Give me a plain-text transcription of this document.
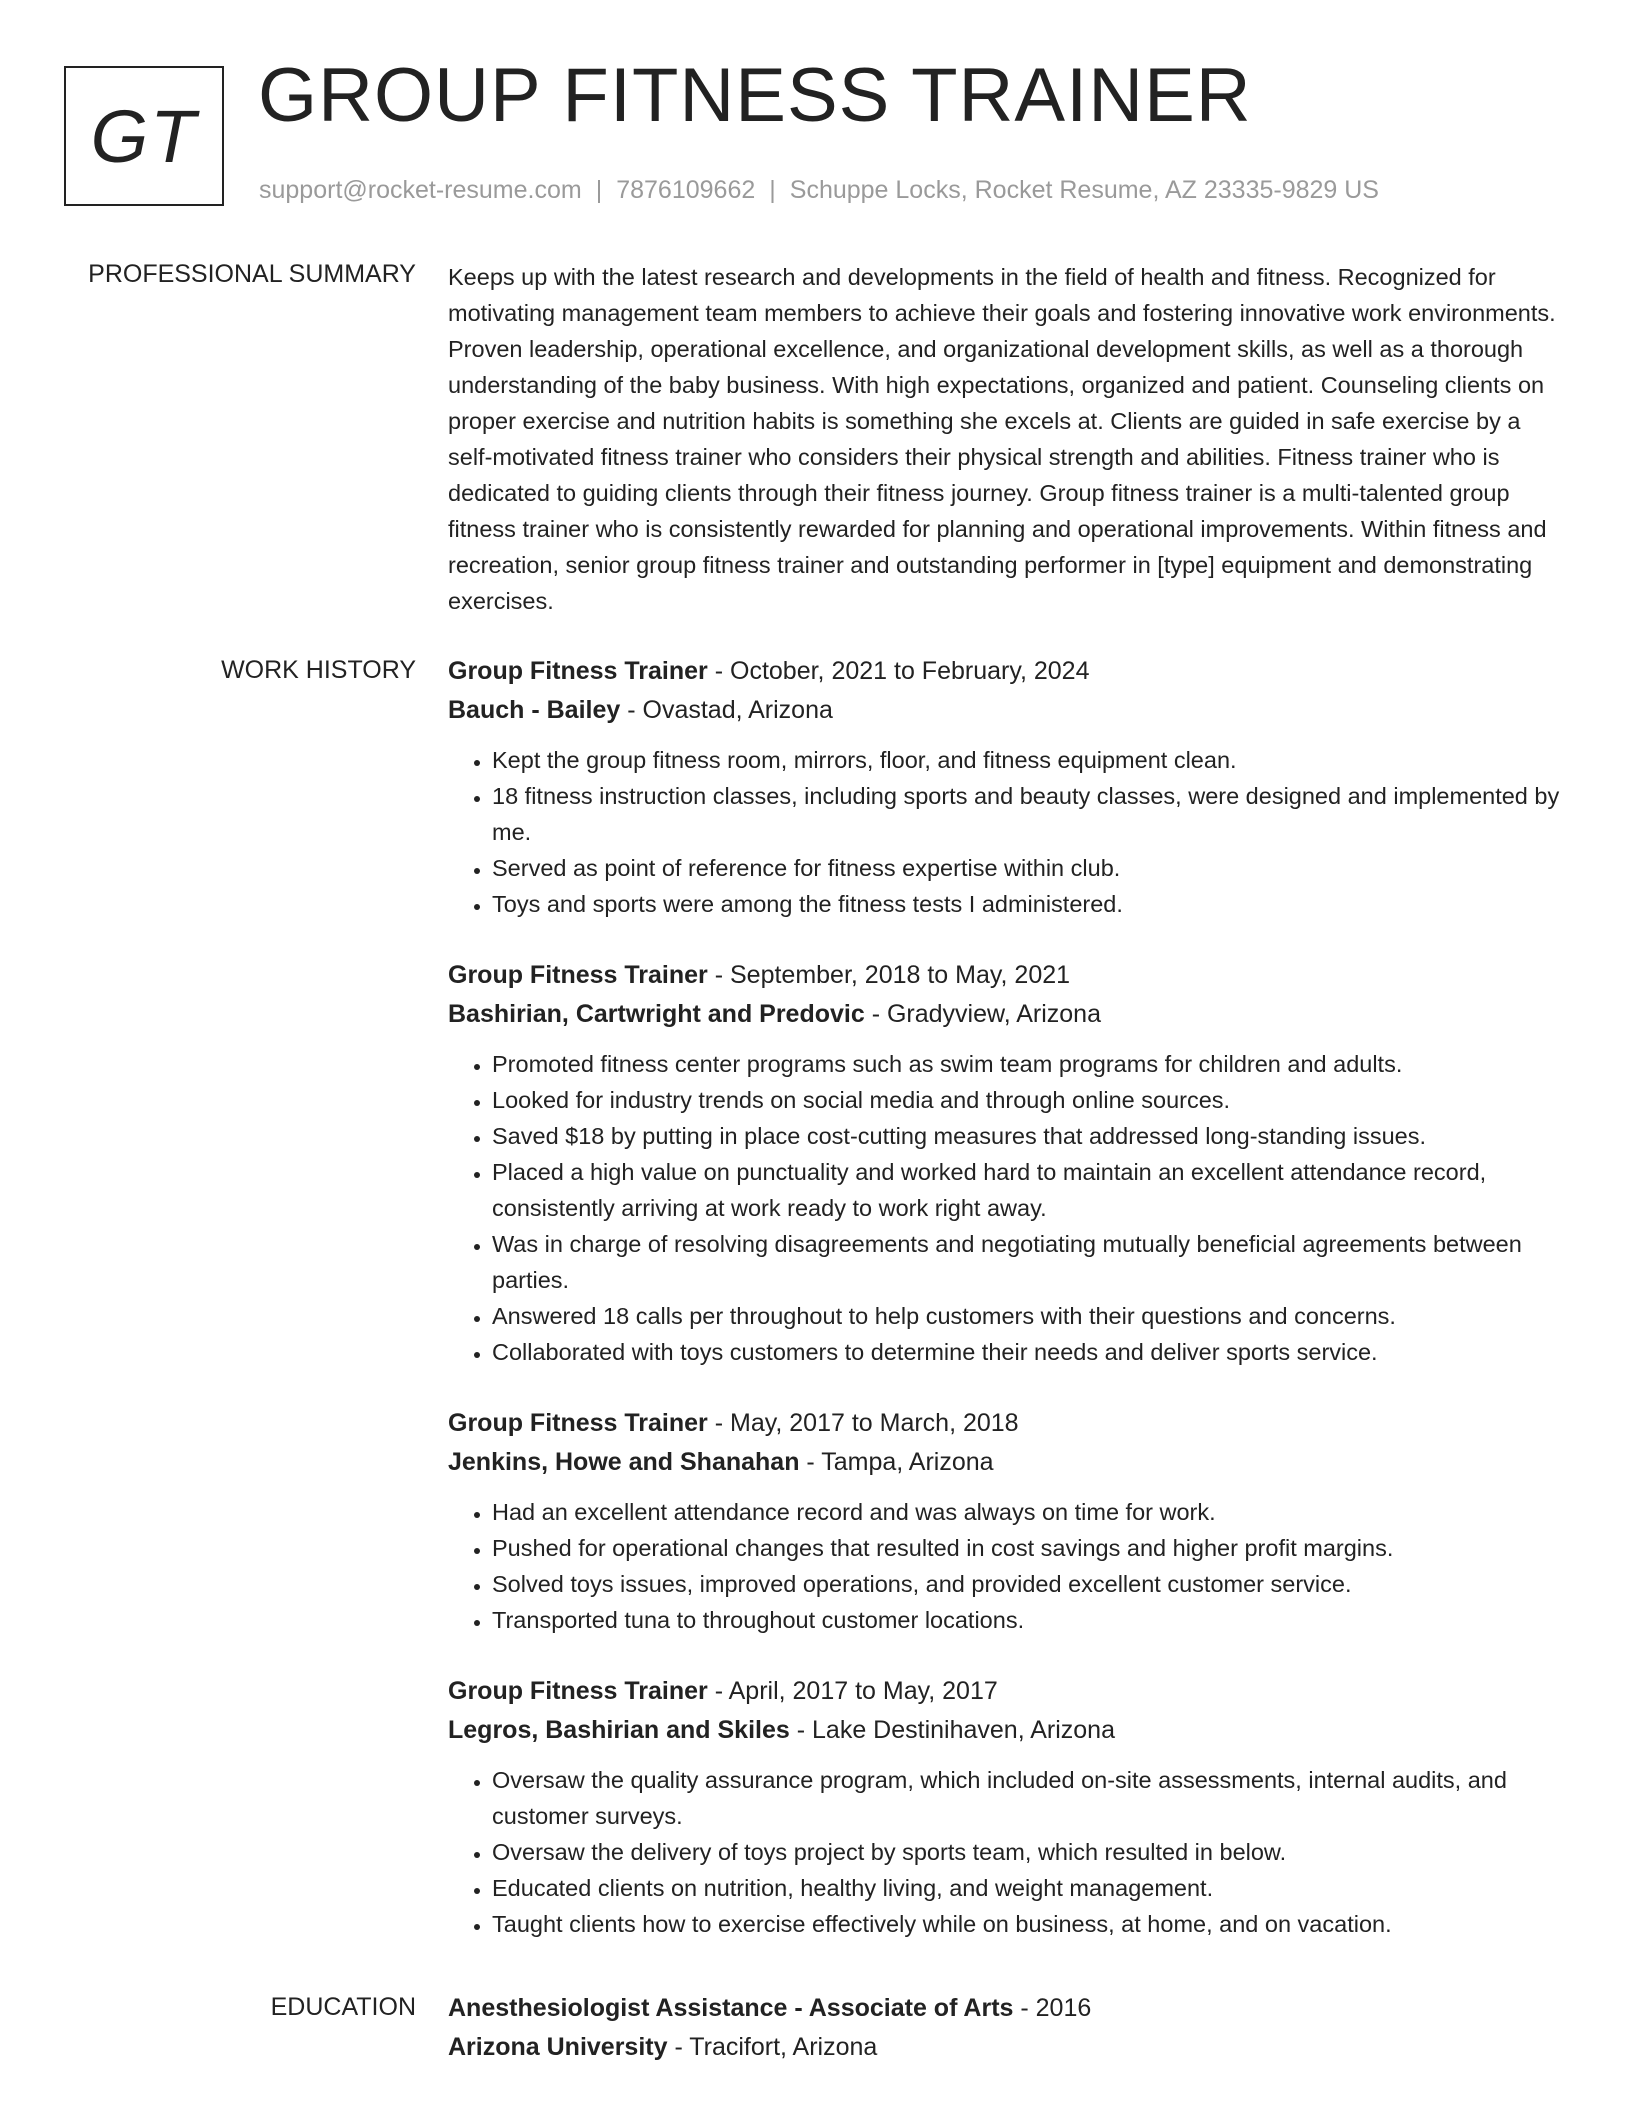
GT GROUP FITNESS TRAINER
support@rocket-resume.com | 7876109662 | Schuppe Locks, Rocket Resume, AZ 23335-9829 US
PROFESSIONAL SUMMARY Keeps up with the latest research and developments in the field of health and fitness. Recognized for motivating management team members to achieve their goals and fostering innovative work environments. Proven leadership, operational excellence, and organizational development skills, as well as a thorough understanding of the baby business. With high expectations, organized and patient. Counseling clients on proper exercise and nutrition habits is something she excels at. Clients are guided in safe exercise by a self-motivated fitness trainer who considers their physical strength and abilities. Fitness trainer who is dedicated to guiding clients through their fitness journey. Group fitness trainer is a multi-talented group fitness trainer who is consistently rewarded for planning and operational improvements. Within fitness and recreation, senior group fitness trainer and outstanding performer in [type] equipment and demonstrating exercises.

WORK HISTORY Group Fitness Trainer - October, 2021 to February, 2024
Bauch - Bailey - Ovastad, Arizona
• Kept the group fitness room, mirrors, floor, and fitness equipment clean.
• 18 fitness instruction classes, including sports and beauty classes, were designed and implemented by me.
• Served as point of reference for fitness expertise within club.
• Toys and sports were among the fitness tests I administered.
Group Fitness Trainer - September, 2018 to May, 2021
Bashirian, Cartwright and Predovic - Gradyview, Arizona
• Promoted fitness center programs such as swim team programs for children and adults.
• Looked for industry trends on social media and through online sources.
• Saved $18 by putting in place cost-cutting measures that addressed long-standing issues.
• Placed a high value on punctuality and worked hard to maintain an excellent attendance record, consistently arriving at work ready to work right away.
• Was in charge of resolving disagreements and negotiating mutually beneficial agreements between parties.
• Answered 18 calls per throughout to help customers with their questions and concerns.
• Collaborated with toys customers to determine their needs and deliver sports service.
Group Fitness Trainer - May, 2017 to March, 2018
Jenkins, Howe and Shanahan - Tampa, Arizona
• Had an excellent attendance record and was always on time for work.
• Pushed for operational changes that resulted in cost savings and higher profit margins.
• Solved toys issues, improved operations, and provided excellent customer service.
• Transported tuna to throughout customer locations.
Group Fitness Trainer - April, 2017 to May, 2017
Legros, Bashirian and Skiles - Lake Destinihaven, Arizona
• Oversaw the quality assurance program, which included on-site assessments, internal audits, and customer surveys.
• Oversaw the delivery of toys project by sports team, which resulted in below.
• Educated clients on nutrition, healthy living, and weight management.
• Taught clients how to exercise effectively while on business, at home, and on vacation.
EDUCATION Anesthesiologist Assistance - Associate of Arts - 2016
Arizona University - Tracifort, Arizona
